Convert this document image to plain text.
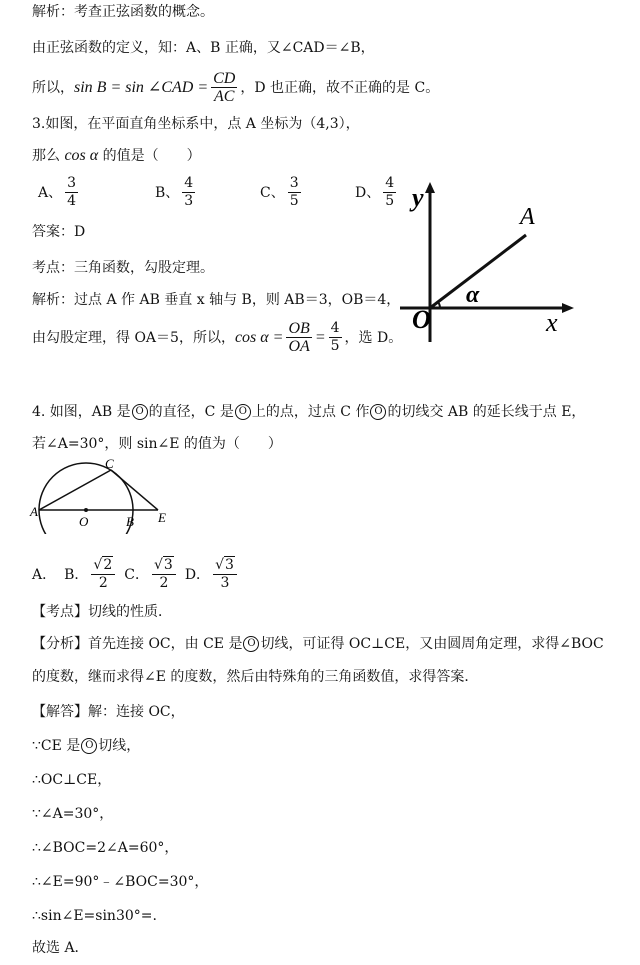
解析：考查正弦函数的概念。
由正弦函数的定义，知：A、B 正确，又∠CAD＝∠B，
所以， sin B = sin ∠CAD = $\frac{CD}{AC}$ ，D 也正确，故不正确的是 C。
3.如图，在平面直角坐标系中，点 A 坐标为（4,3），
那么 cos α 的值是（　　）
A、 $\frac{3}{4}$	B、 $\frac{4}{3}$	C、 $\frac{3}{5}$	D、 $\frac{4}{5}$
答案：D
考点：三角函数，勾股定理。
解析：过点 A 作 AB 垂直 x 轴与 B，则 AB＝3，OB＝4，
由勾股定理，得 OA＝5，所以， $\cos \alpha = \frac{OB}{OA} = \frac{4}{5}$ ，选 D。
y
x
O
A
α
4. 如图，AB 是 O 的直径，C 是 O 上的点，过点 C 作 O 的切线交 AB 的延长线于点 E，
若∠A=30°，则 sin∠E 的值为（　　）
A
O	B E
C
A． B． $\frac{√2}{2}$ C． $\frac{√3}{2}$ D． $\frac{√3}{3}$
【考点】切线的性质．
【分析】首先连接 OC，由 CE 是 O 切线，可证得 OC⊥CE，又由圆周角定理，求得∠BOC
的度数，继而求得∠E 的度数，然后由特殊角的三角函数值，求得答案．
【解答】解：连接 OC，
∵CE 是 O 切线，
∴OC⊥CE，
∵∠A=30°，
∴∠BOC=2∠A=60°，
∴∠E=90°﹣∠BOC=30°，
∴sin∠E=sin30°=.
故选 A．
